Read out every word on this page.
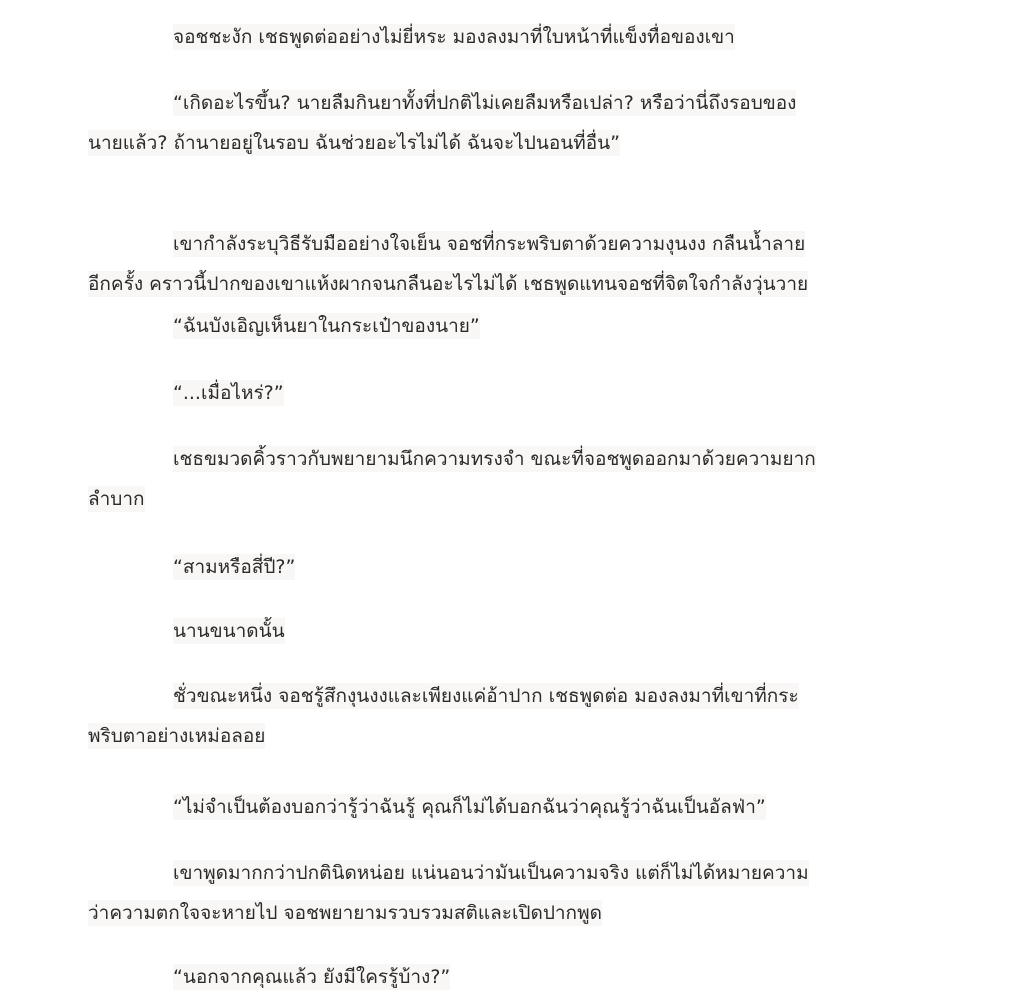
จอชชะงัก เชธพูดต่ออย่างไม่ยี่หระ มองลงมาที่ใบหน้าที่แข็งทื่อของเขา

“เกิดอะไรขึ้น? นายลืมกินยาทั้งที่ปกติไม่เคยลืมหรือเปล่า? หรือว่านี่ถึงรอบของ
นายแล้ว? ถ้านายอยู่ในรอบ ฉันช่วยอะไรไม่ได้ ฉันจะไปนอนที่อื่น”

เขากำลังระบุวิธีรับมืออย่างใจเย็น จอชที่กระพริบตาด้วยความงุนงง กลืนน้ำลาย
อีกครั้ง คราวนี้ปากของเขาแห้งผากจนกลืนอะไรไม่ได้ เชธพูดแทนจอชที่จิตใจกำลังวุ่นวาย

“ฉันบังเอิญเห็นยาในกระเป๋าของนาย”

“...เมื่อไหร่?”

เชธขมวดคิ้วราวกับพยายามนึกความทรงจำ ขณะที่จอชพูดออกมาด้วยความยาก
ลำบาก

“สามหรือสี่ปี?”

นานขนาดนั้น

ชั่วขณะหนึ่ง จอชรู้สึกงุนงงและเพียงแค่อ้าปาก เชธพูดต่อ มองลงมาที่เขาที่กระ
พริบตาอย่างเหม่อลอย

“ไม่จำเป็นต้องบอกว่ารู้ว่าฉันรู้ คุณก็ไม่ได้บอกฉันว่าคุณรู้ว่าฉันเป็นอัลฟ่า”

เขาพูดมากกว่าปกตินิดหน่อย แน่นอนว่ามันเป็นความจริง แต่ก็ไม่ได้หมายความ
ว่าความตกใจจะหายไป จอชพยายามรวบรวมสติและเปิดปากพูด

“นอกจากคุณแล้ว ยังมีใครรู้บ้าง?”
